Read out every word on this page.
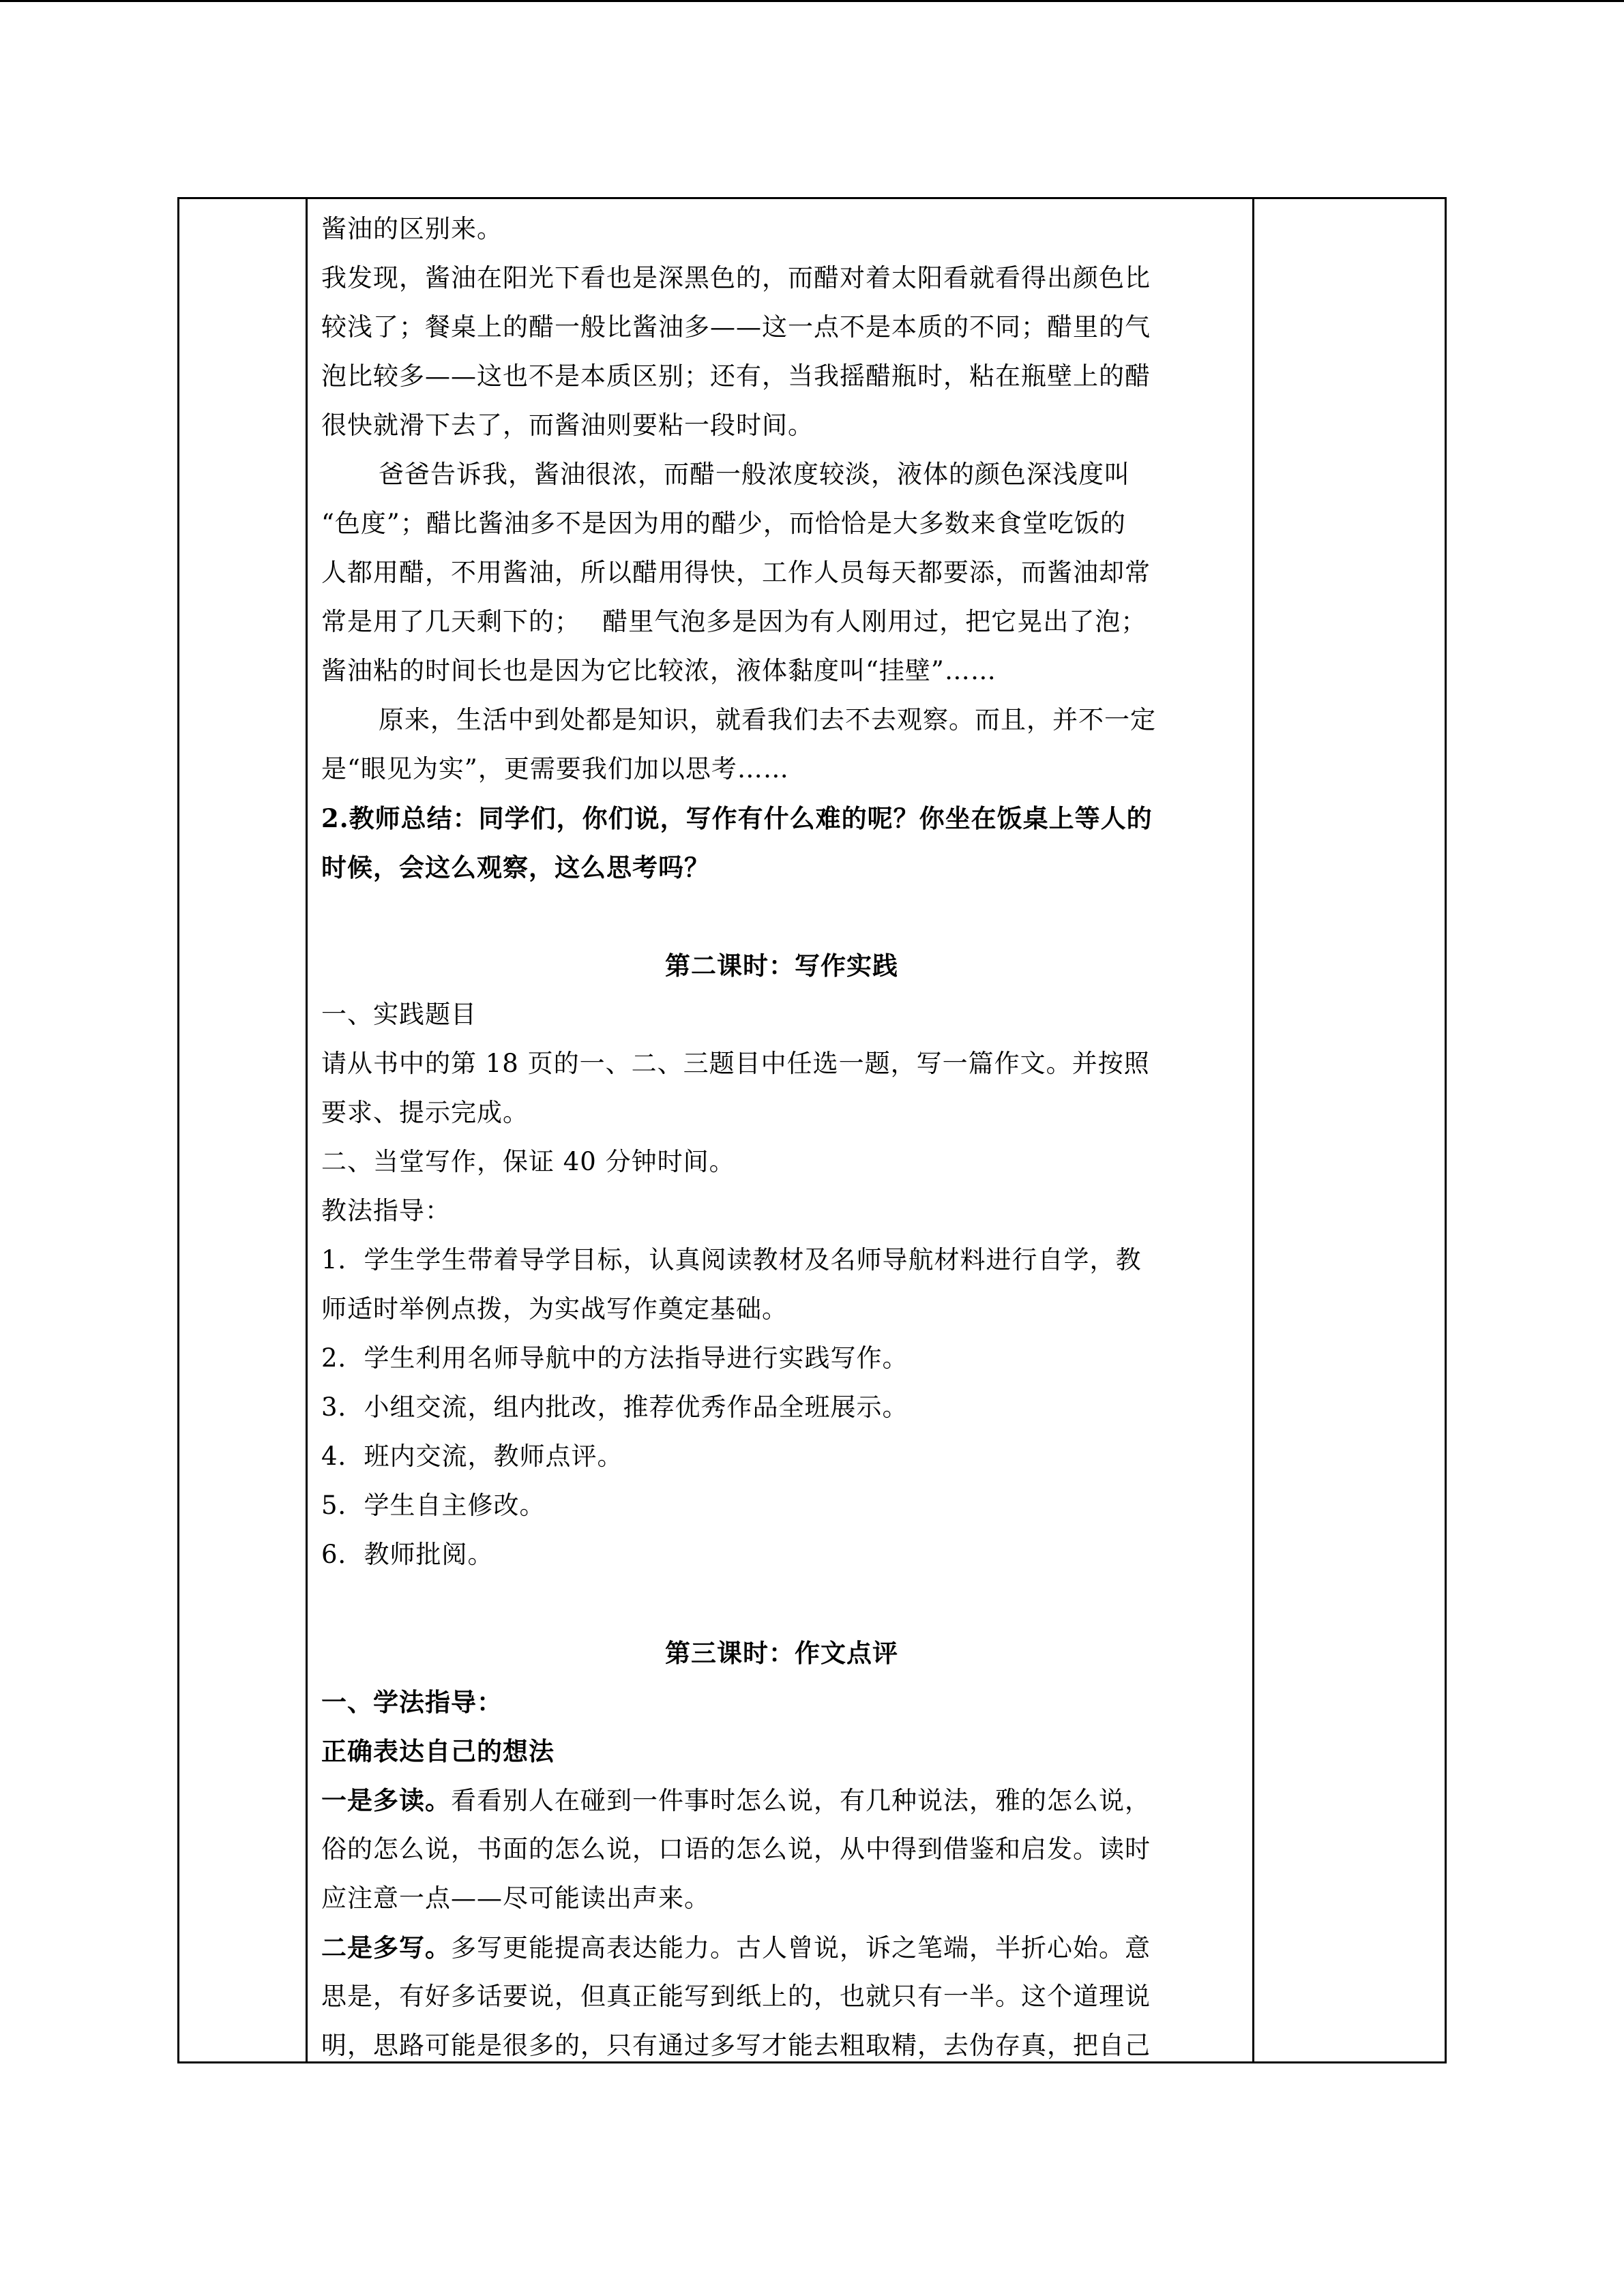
酱油的区别来。
我发现，酱油在阳光下看也是深黑色的，而醋对着太阳看就看得出颜色比
较浅了；餐桌上的醋一般比酱油多——这一点不是本质的不同；醋里的气
泡比较多——这也不是本质区别；还有，当我摇醋瓶时，粘在瓶壁上的醋
很快就滑下去了，而酱油则要粘一段时间。
爸爸告诉我，酱油很浓，而醋一般浓度较淡，液体的颜色深浅度叫
“色度”；醋比酱油多不是因为用的醋少，而恰恰是大多数来食堂吃饭的
人都用醋，不用酱油，所以醋用得快，工作人员每天都要添，而酱油却常
常是用了几天剩下的；　 醋里气泡多是因为有人刚用过，把它晃出了泡；
酱油粘的时间长也是因为它比较浓，液体黏度叫“挂壁”……
原来，生活中到处都是知识，就看我们去不去观察。而且，并不一定
是“眼见为实”，更需要我们加以思考……
2.教师总结：同学们，你们说，写作有什么难的呢？你坐在饭桌上等人的
时候，会这么观察，这么思考吗？
第二课时：写作实践
一、实践题目
请从书中的第 18 页的一、二、三题目中任选一题，写一篇作文。并按照
要求、提示完成。
二、当堂写作，保证 40 分钟时间。
教法指导：
1．学生学生带着导学目标，认真阅读教材及名师导航材料进行自学，教
师适时举例点拨，为实战写作奠定基础。
2．学生利用名师导航中的方法指导进行实践写作。
3．小组交流，组内批改，推荐优秀作品全班展示。
4．班内交流，教师点评。
5．学生自主修改。
6．教师批阅。
第三课时：作文点评
一、学法指导：
正确表达自己的想法
一是多读。看看别人在碰到一件事时怎么说，有几种说法，雅的怎么说，
俗的怎么说，书面的怎么说，口语的怎么说，从中得到借鉴和启发。读时
应注意一点——尽可能读出声来。
二是多写。多写更能提高表达能力。古人曾说，诉之笔端，半折心始。意
思是，有好多话要说，但真正能写到纸上的，也就只有一半。这个道理说
明，思路可能是很多的，只有通过多写才能去粗取精，去伪存真，把自己
